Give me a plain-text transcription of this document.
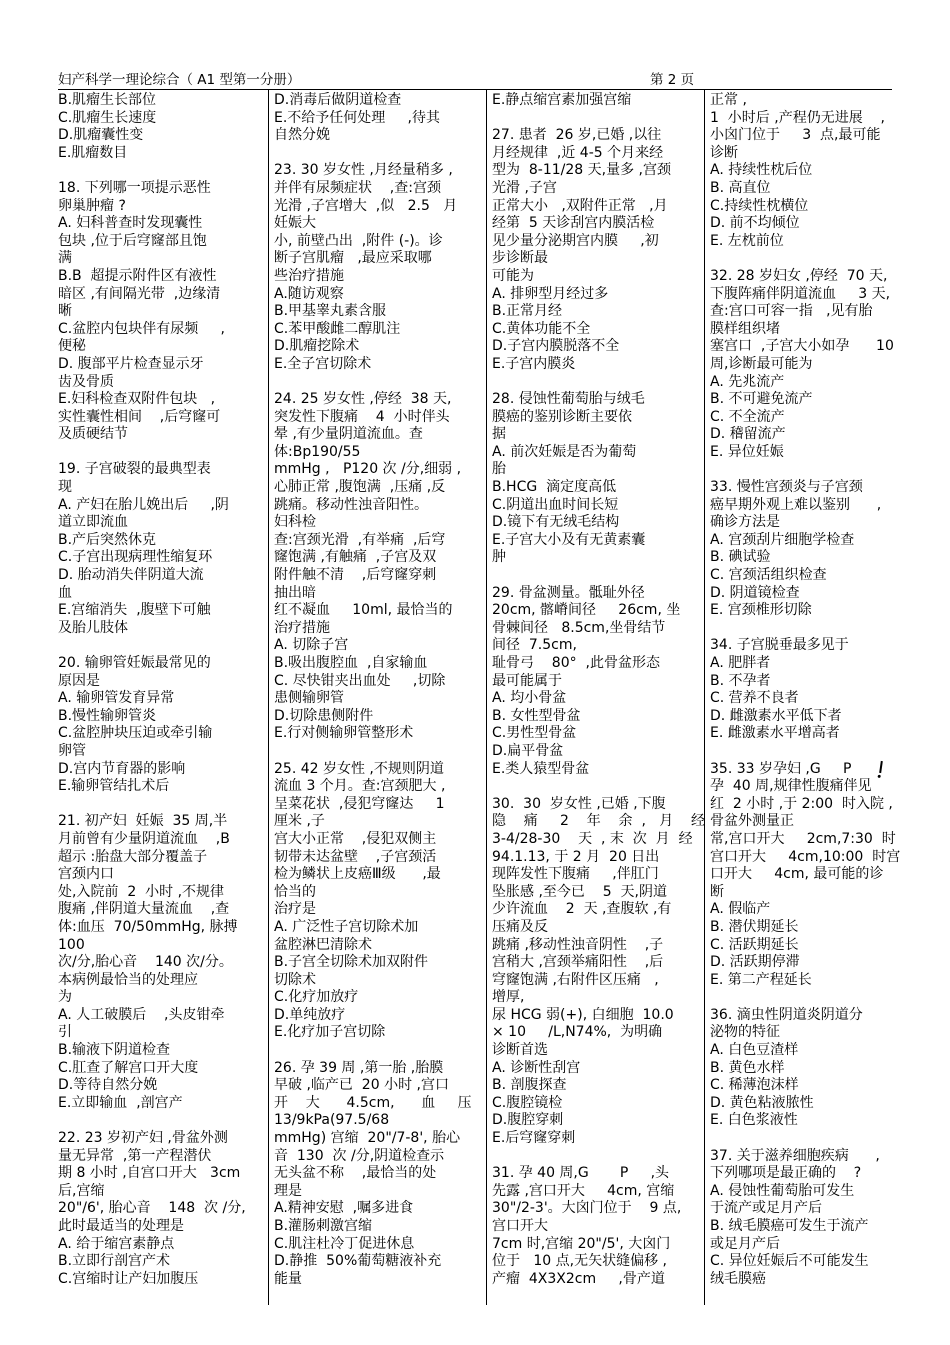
妇产科学一理论综合（ A1 型第一分册）	第 2 页
B.肌瘤生长部位
C.肌瘤生长速度
D.肌瘤囊性变
E.肌瘤数目
18. 下列哪一项提示恶性
卵巢肿瘤 ?
A. 妇科普查时发现囊性
包块 ,位于后穹窿部且饱
满
B.B  超提示附件区有液性
暗区 ,有间隔光带  ,边缘清
晰
C.盆腔内包块伴有尿频     ,
便秘
D. 腹部平片检查显示牙
齿及骨质
E.妇科检查双附件包块   ,
实性囊性相间    ,后穹窿可
及质硬结节
19. 子宫破裂的最典型表
现
A. 产妇在胎儿娩出后     ,阴
道立即流血
B.产后突然休克
C.子宫出现病理性缩复环
D. 胎动消失伴阴道大流
血
E.宫缩消失  ,腹壁下可触
及胎儿肢体
20. 输卵管妊娠最常见的
原因是
A. 输卵管发育异常
B.慢性输卵管炎
C.盆腔肿块压迫或牵引输
卵管
D.宫内节育器的影响
E.输卵管结扎术后
21. 初产妇  妊娠  35 周,半
月前曾有少量阴道流血    ,B
超示 :胎盘大部分覆盖子
宫颈内口
处,入院前  2  小时 ,不规律
腹痛 ,伴阴道大量流血    ,查
体:血压  70/50mmHg, 脉搏
100
次/分,胎心音    140 次/分。
本病例最恰当的处理应
为
A. 人工破膜后    ,头皮钳牵
引
B.输液下阴道检查
C.肛查了解宫口开大度
D.等待自然分娩
E.立即输血  ,剖宫产
22. 23 岁初产妇 ,骨盆外测
量无异常  ,第一产程潜伏
期 8 小时 ,自宫口开大   3cm
后,宫缩
20"/6', 胎心音    148  次 /分,
此时最适当的处理是
A. 给于缩宫素静点
B.立即行剖宫产术
C.宫缩时让产妇加腹压
D.消毒后做阴道检查
E.不给予任何处理     ,待其
自然分娩
23. 30 岁女性 ,月经量稍多 ,
并伴有尿频症状    ,查:宫颈
光滑 ,子宫增大  ,似   2.5   月
妊娠大
小, 前壁凸出  ,附件 (-)。诊
断子宫肌瘤   ,最应采取哪
些治疗措施
A.随访观察
B.甲基睾丸素含服
C.苯甲酸雌二醇肌注
D.肌瘤挖除术
E.全子宫切除术
24. 25 岁女性 ,停经  38 天,
突发性下腹痛    4  小时伴头
晕 ,有少量阴道流血。查
体:Bp190/55
mmHg ,   P120 次 /分,细弱 ,
心肺正常 ,腹饱满  ,压痛 ,反
跳痛。移动性浊音阳性。
妇科检
查:宫颈光滑  ,有举痛  ,后穹
窿饱满 ,有触痛  ,子宫及双
附件触不清    ,后穹窿穿刺
抽出暗
红不凝血     10ml, 最恰当的
治疗措施
A. 切除子宫
B.吸出腹腔血  ,自家输血
C. 尽快钳夹出血处     ,切除
患侧输卵管
D.切除患侧附件
E.行对侧输卵管整形术
25. 42 岁女性 ,不规则阴道
流血 3 个月。查:宫颈肥大 ,
呈菜花状  ,侵犯穹窿达     1
厘米 ,子
宫大小正常    ,侵犯双侧主
韧带未达盆壁    ,子宫颈活
检为鳞状上皮癌Ⅲ级      ,最
恰当的
治疗是
A. 广泛性子宫切除术加
盆腔淋巴清除术
B.子宫全切除术加双附件
切除术
C.化疗加放疗
D.单纯放疗
E.化疗加子宫切除
26. 孕 39 周 ,第一胎 ,胎膜
早破 ,临产已  20 小时 ,宫口
开    大      4.5cm,      血     压
13/9kPa(97.5/68
mmHg) 宫缩  20"/7-8', 胎心
音  130  次 /分,阴道检查示
无头盆不称    ,最恰当的处
理是
A.精神安慰  ,嘱多进食
B.灌肠刺激宫缩
C.肌注杜冷丁促进休息
D.静推  50%葡萄糖液补充
能量
E.静点缩宫素加强宫缩
27. 患者  26 岁,已婚 ,以往
月经规律  ,近 4-5 个月来经
型为  8-11/28 天,量多 ,宫颈
光滑 ,子宫
正常大小   ,双附件正常   ,月
经第  5 天诊刮宫内膜活检
见少量分泌期宫内膜     ,初
步诊断最
可能为
A. 排卵型月经过多
B.正常月经
C.黄体功能不全
D.子宫内膜脱落不全
E.子宫内膜炎
28. 侵蚀性葡萄胎与绒毛
膜癌的鉴别诊断主要依
据
A. 前次妊娠是否为葡萄
胎
B.HCG  滴定度高低
C.阴道出血时间长短
D.镜下有无绒毛结构
E.子宫大小及有无黄素囊
肿
29. 骨盆测量。骶耻外径
20cm, 髂嵴间径     26cm, 坐
骨棘间径   8.5cm,坐骨结节
间径  7.5cm,
耻骨弓    80°  ,此骨盆形态
最可能属于
A. 均小骨盆
B. 女性型骨盆
C.男性型骨盆
D.扁平骨盆
E.类人猿型骨盆
30.  30  岁女性 ,已婚 ,下腹
隐    痛     2    年    余  ,   月    经
3-4/28-30    天  , 末  次  月  经
94.1.13, 于 2 月  20 日出
现阵发性下腹痛     ,伴肛门
坠胀感 ,至今已    5  天,阴道
少许流血    2  天 ,查腹软 ,有
压痛及反
跳痛 ,移动性浊音阴性    ,子
宫稍大 ,宫颈举痛阳性    ,后
穹窿饱满 ,右附件区压痛   ,
增厚,
尿 HCG 弱(+), 白细胞  10.0
× 10     /L,N74%,  为明确
诊断首选
A. 诊断性刮宫
B. 剖腹探查
C.腹腔镜检
D.腹腔穿刺
E.后穹窿穿刺
31. 孕 40 周,G       P     ,头
先露 ,宫口开大     4cm, 宫缩
30"/2-3'。大囟门位于    9 点,
宫口开大
7cm 时,宫缩 20"/5', 大囟门
位于   10 点,无矢状缝偏移 ,
产瘤  4X3X2cm     ,骨产道
正常 ,
1  小时后 ,产程仍无进展    ,
小囟门位于     3  点,最可能
诊断
A. 持续性枕后位
B. 高直位
C.持续性枕横位
D. 前不均倾位
E. 左枕前位
32. 28 岁妇女 ,停经  70 天,
下腹阵痛伴阴道流血     3 天,
查:宫口可容一指   ,见有胎
膜样组织堵
塞宫口  ,子宫大小如孕      10
周,诊断最可能为
A. 先兆流产
B. 不可避免流产
C. 不全流产
D. 稽留流产
E. 异位妊娠
33. 慢性宫颈炎与子宫颈
癌早期外观上难以鉴别      ,
确诊方法是
A. 宫颈刮片细胞学检查
B. 碘试验
C. 宫颈活组织检查
D. 阴道镜检查
E. 宫颈椎形切除
34. 子宫脱垂最多见于
A. 肥胖者
B. 不孕者
C. 营养不良者
D. 雌激素水平低下者
E. 雌激素水平增高者
35. 33 岁孕妇 ,G     P
孕  40 周,规律性腹痛伴见
红  2 小时 ,于 2:00  时入院 ,
骨盆外测量正
常,宫口开大     2cm,7:30  时
宫口开大     4cm,10:00  时宫
口开大     4cm, 最可能的诊
断
A. 假临产
B. 潜伏期延长
C. 活跃期延长
D. 活跃期停滞
E. 第二产程延长
36. 滴虫性阴道炎阴道分
泌物的特征
A. 白色豆渣样
B. 黄色水样
C. 稀薄泡沫样
D. 黄色粘液脓性
E. 白色浆液性
37. 关于滋养细胞疾病      ,
下列哪项是最正确的    ?
A. 侵蚀性葡萄胎可发生
于流产或足月产后
B. 绒毛膜癌可发生于流产
或足月产后
C. 异位妊娠后不可能发生
绒毛膜癌
